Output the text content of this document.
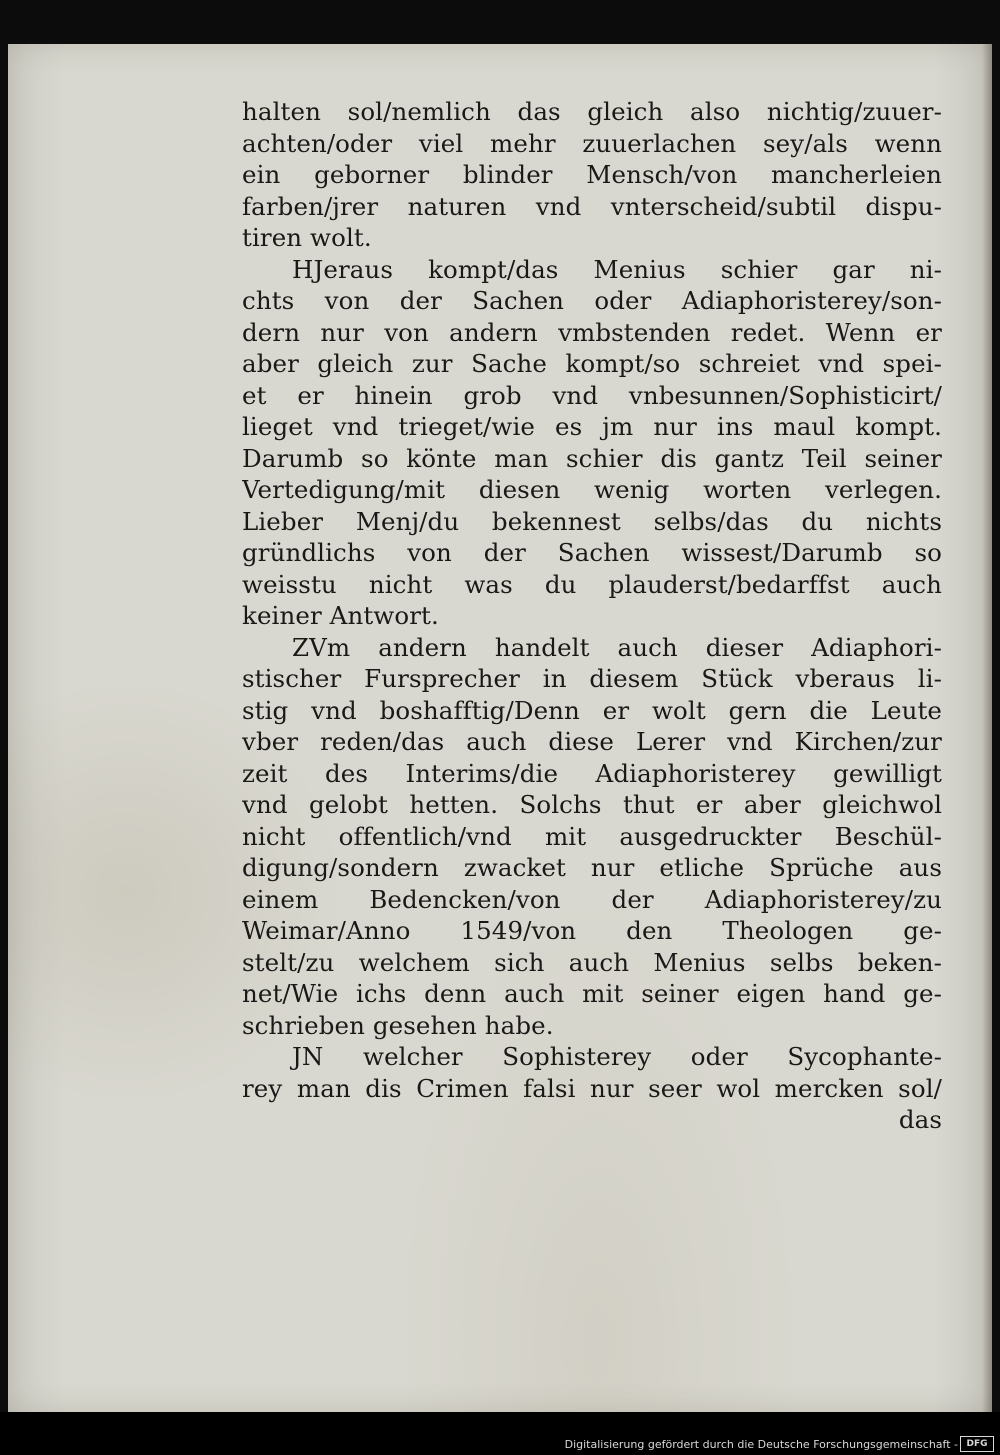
halten sol/nemlich das gleich also nichtig/zuuer-
achten/oder viel mehr zuuerlachen sey/als wenn
ein geborner blinder Mensch/von mancherleien
farben/jrer naturen vnd vnterscheid/subtil dispu-
tiren wolt.
HJeraus kompt/das Menius schier gar ni-
chts von der Sachen oder Adiaphoristerey/son-
dern nur von andern vmbstenden redet. Wenn er
aber gleich zur Sache kompt/so schreiet vnd spei-
et er hinein grob vnd vnbesunnen/Sophisticirt/
lieget vnd trieget/wie es jm nur ins maul kompt.
Darumb so könte man schier dis gantz Teil seiner
Vertedigung/mit diesen wenig worten verlegen.
Lieber Menj/du bekennest selbs/das du nichts
gründlichs von der Sachen wissest/Darumb so
weisstu nicht was du plauderst/bedarffst auch
keiner Antwort.
ZVm andern handelt auch dieser Adiaphori-
stischer Fursprecher in diesem Stück vberaus li-
stig vnd boshafftig/Denn er wolt gern die Leute
vber reden/das auch diese Lerer vnd Kirchen/zur
zeit des Interims/die Adiaphoristerey gewilligt
vnd gelobt hetten. Solchs thut er aber gleichwol
nicht offentlich/vnd mit ausgedruckter Beschül-
digung/sondern zwacket nur etliche Sprüche aus
einem Bedencken/von der Adiaphoristerey/zu
Weimar/Anno 1549/von den Theologen ge-
stelt/zu welchem sich auch Menius selbs beken-
net/Wie ichs denn auch mit seiner eigen hand ge-
schrieben gesehen habe.
JN welcher Sophisterey oder Sycophante-
rey man dis Crimen falsi nur seer wol mercken sol/
das
Digitalisierung gefördert durch die Deutsche Forschungsgemeinschaft - DFG
